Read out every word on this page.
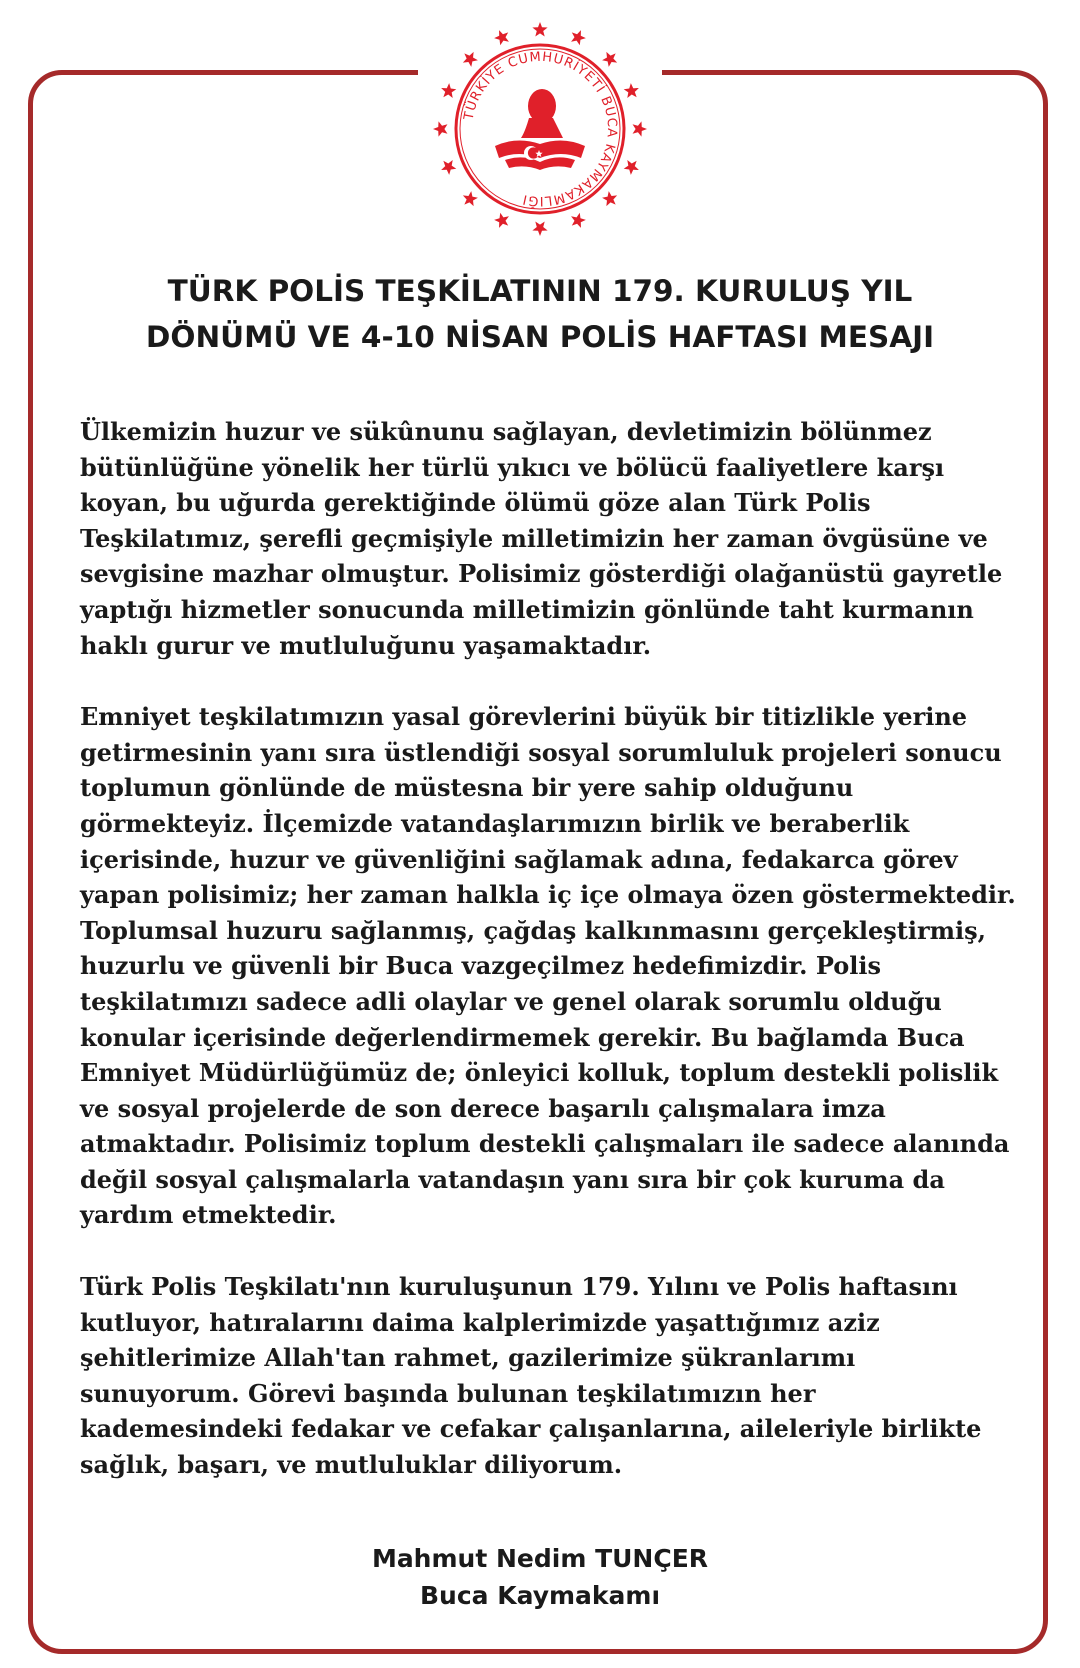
TÜRKİYE CUMHURİYETİ BUCA KAYMAKAMLIĞI
TÜRK POLİS TEŞKİLATININ 179. KURULUŞ YIL
DÖNÜMÜ VE 4-10 NİSAN POLİS HAFTASI MESAJI

Ülkemizin huzur ve sükûnunu sağlayan, devletimizin bölünmez
bütünlüğüne yönelik her türlü yıkıcı ve bölücü faaliyetlere karşı
koyan, bu uğurda gerektiğinde ölümü göze alan Türk Polis
Teşkilatımız, şerefli geçmişiyle milletimizin her zaman övgüsüne ve
sevgisine mazhar olmuştur. Polisimiz gösterdiği olağanüstü gayretle
yaptığı hizmetler sonucunda milletimizin gönlünde taht kurmanın
haklı gurur ve mutluluğunu yaşamaktadır.

Emniyet teşkilatımızın yasal görevlerini büyük bir titizlikle yerine
getirmesinin yanı sıra üstlendiği sosyal sorumluluk projeleri sonucu
toplumun gönlünde de müstesna bir yere sahip olduğunu
görmekteyiz. İlçemizde vatandaşlarımızın birlik ve beraberlik
içerisinde, huzur ve güvenliğini sağlamak adına, fedakarca görev
yapan polisimiz; her zaman halkla iç içe olmaya özen göstermektedir.
Toplumsal huzuru sağlanmış, çağdaş kalkınmasını gerçekleştirmiş,
huzurlu ve güvenli bir Buca vazgeçilmez hedefimizdir. Polis
teşkilatımızı sadece adli olaylar ve genel olarak sorumlu olduğu
konular içerisinde değerlendirmemek gerekir. Bu bağlamda Buca
Emniyet Müdürlüğümüz de; önleyici kolluk, toplum destekli polislik
ve sosyal projelerde de son derece başarılı çalışmalara imza
atmaktadır. Polisimiz toplum destekli çalışmaları ile sadece alanında
değil sosyal çalışmalarla vatandaşın yanı sıra bir çok kuruma da
yardım etmektedir.

Türk Polis Teşkilatı'nın kuruluşunun 179. Yılını ve Polis haftasını
kutluyor, hatıralarını daima kalplerimizde yaşattığımız aziz
şehitlerimize Allah'tan rahmet, gazilerimize şükranlarımı
sunuyorum. Görevi başında bulunan teşkilatımızın her
kademesindeki fedakar ve cefakar çalışanlarına, aileleriyle birlikte
sağlık, başarı, ve mutluluklar diliyorum.

Mahmut Nedim TUNÇER
Buca Kaymakamı
